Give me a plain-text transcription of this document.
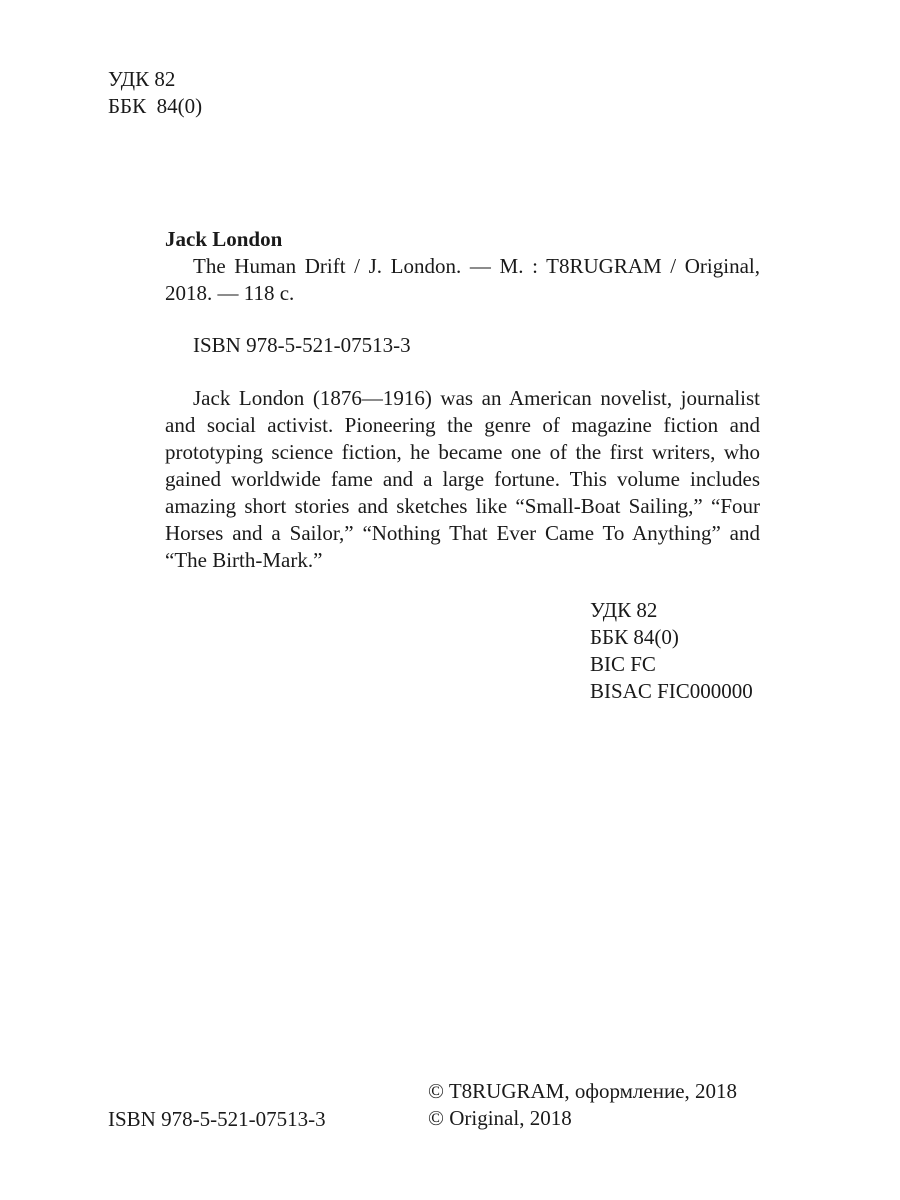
УДК 82
ББК  84(0)
Jack London
The Human Drift / J. London. — M. : T8RUGRAM / Original, 2018. — 118 с.
ISBN 978-5-521-07513-3

Jack London (1876—1916) was an American novelist, journalist and social activist. Pioneering the genre of magazine fiction and prototyping science fiction, he became one of the first writers, who gained worldwide fame and a large fortune. This volume includes amazing short stories and sketches like “Small-Boat Sailing,” “Four Horses and a Sailor,” “Nothing That Ever Came To Anything” and “The Birth-Mark.”

УДК 82
ББК 84(0)
BIC FC
BISAC FIC000000
ISBN 978-5-521-07513-3
© T8RUGRAM, оформление, 2018
© Original, 2018
